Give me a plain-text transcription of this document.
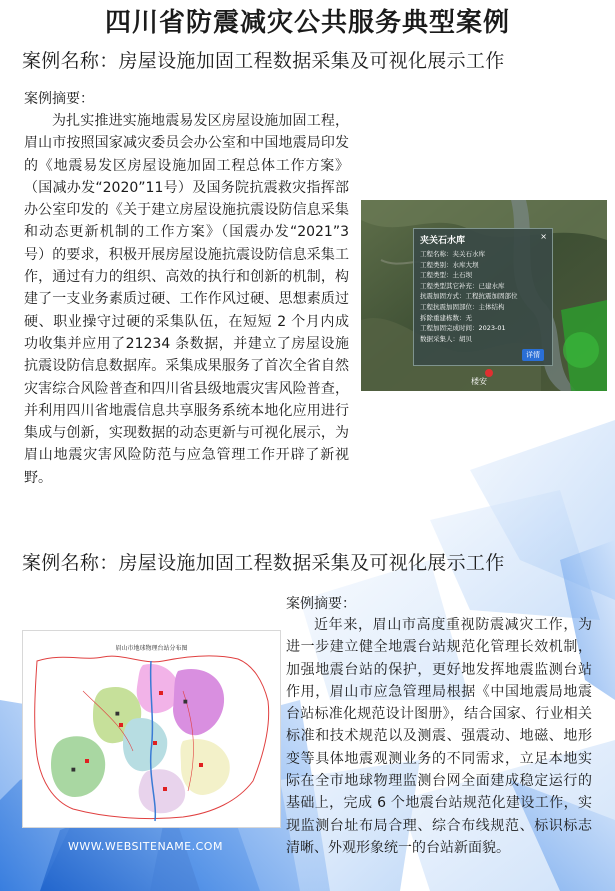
四川省防震减灾公共服务典型案例
案例名称：房屋设施加固工程数据采集及可视化展示工作
案例摘要：

为扎实推进实施地震易发区房屋设施加固工程，眉山市按照国家减灾委员会办公室和中国地震局印发的《地震易发区房屋设施加固工程总体工作方案》（国减办发“2020”11号）及国务院抗震救灾指挥部办公室印发的《关于建立房屋设施抗震设防信息采集和动态更新机制的工作方案》（国震办发“2021”3号）的要求，积极开展房屋设施抗震设防信息采集工作，通过有力的组织、高效的执行和创新的机制，构建了一支业务素质过硬、工作作风过硬、思想素质过硬、职业操守过硬的采集队伍，在短短 2 个月内成功收集并应用了21234 条数据，并建立了房屋设施抗震设防信息数据库。采集成果服务了首次全省自然灾害综合风险普查和四川省县级地震灾害风险普查，并利用四川省地震信息共享服务系统本地化应用进行集成与创新，实现数据的动态更新与可视化展示，为眉山地震灾害风险防范与应急管理工作开辟了新视野。

楼安
夹关石水库	×
工程名称：夹关石水库
工程类别：水库大坝
工程类型：土石坝
工程类型其它补充：已建水库
抗震加固方式：工程抗震加固部位
工程抗震加固部位：主体结构
拆除重建栋数：无
工程加固完成时间：2023-01
数据采集人：胡贝
详情
案例名称：房屋设施加固工程数据采集及可视化展示工作
案例摘要：

近年来，眉山市高度重视防震减灾工作，为进一步建立健全地震台站规范化管理长效机制，加强地震台站的保护，更好地发挥地震监测台站作用，眉山市应急管理局根据《中国地震局地震台站标准化规范设计图册》，结合国家、行业相关标准和技术规范以及测震、强震动、地磁、地形变等具体地震观测业务的不同需求，立足本地实际在全市地球物理监测台网全面建成稳定运行的基础上，完成 6 个地震台站规范化建设工作，实现监测台址布局合理、综合布线规范、标识标志清晰、外观形象统一的台站新面貌。

眉山市地球物理台站分布图
■
■
■
WWW.WEBSITENAME.COM
